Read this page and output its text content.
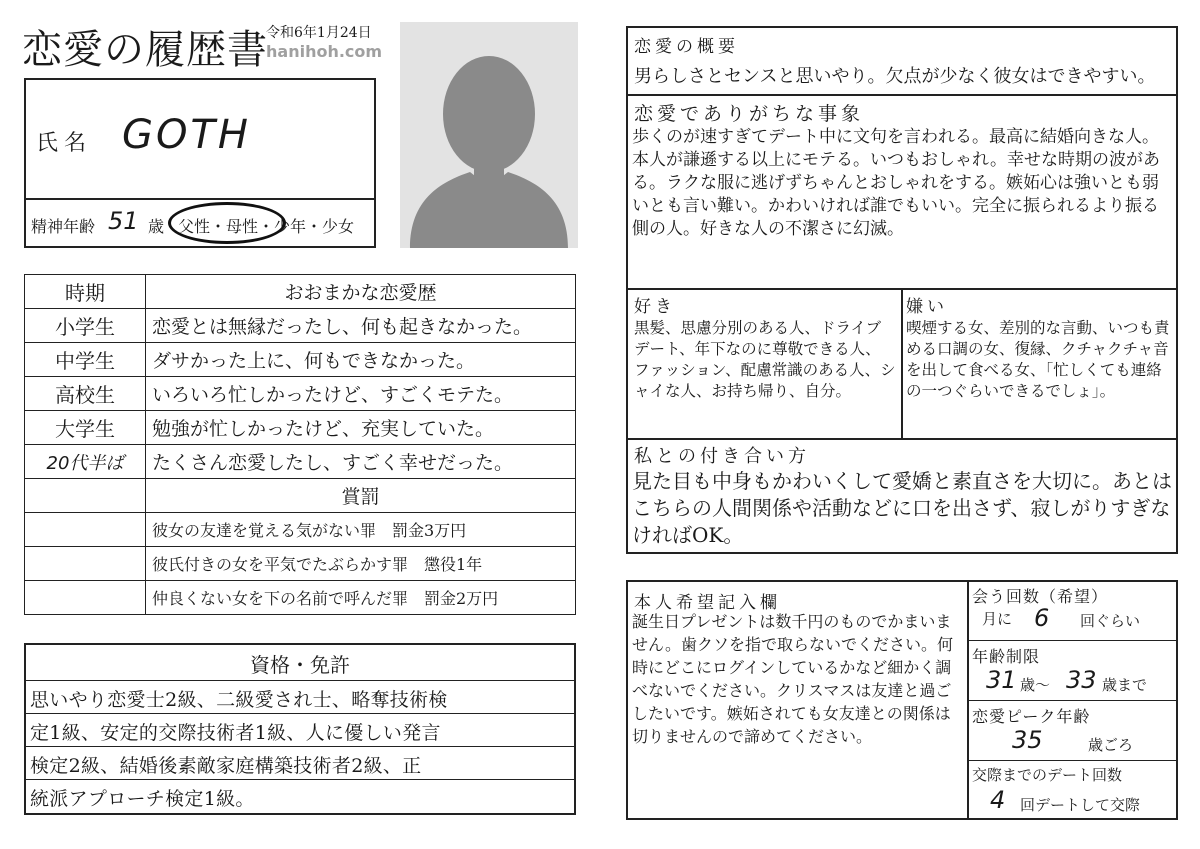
恋愛の履歴書
令和6年1月24日
hanihoh.com
氏名 GOTH
精神年齢 51 歳 父性・母性・少年・少女
時期	おおまかな恋愛歴
小学生	恋愛とは無縁だったし、何も起きなかった。
中学生	ダサかった上に、何もできなかった。
高校生	いろいろ忙しかったけど、すごくモテた。
大学生	勉強が忙しかったけど、充実していた。
20代半ば	たくさん恋愛したし、すごく幸せだった。
	賞罰
	彼女の友達を覚える気がない罪　罰金3万円
	彼氏付きの女を平気でたぶらかす罪　懲役1年
	仲良くない女を下の名前で呼んだ罪　罰金2万円
資格・免許
思いやり恋愛士2級、二級愛され士、略奪技術検
定1級、安定的交際技術者1級、人に優しい発言
検定2級、結婚後素敵家庭構築技術者2級、正
統派アプローチ検定1級。
恋愛の概要
男らしさとセンスと思いやり。欠点が少なく彼女はできやすい。
恋愛でありがちな事象
歩くのが速すぎてデート中に文句を言われる。最高に結婚向きな人。本人が謙遜する以上にモテる。いつもおしゃれ。幸せな時期の波がある。ラクな服に逃げずちゃんとおしゃれをする。嫉妬心は強いとも弱いとも言い難い。かわいければ誰でもいい。完全に振られるより振る側の人。好きな人の不潔さに幻滅。
好き
黒髪、思慮分別のある人、ドライブデート、年下なのに尊敬できる人、ファッション、配慮常識のある人、シャイな人、お持ち帰り、自分。
嫌い
喫煙する女、差別的な言動、いつも責める口調の女、復縁、クチャクチャ音を出して食べる女、「忙しくても連絡の一つぐらいできるでしょ」。
私との付き合い方
見た目も中身もかわいくして愛嬌と素直さを大切に。あとはこちらの人間関係や活動などに口を出さず、寂しがりすぎなければOK。
本人希望記入欄
誕生日プレゼントは数千円のものでかまいません。歯クソを指で取らないでください。何時にどこにログインしているかなど細かく調べないでください。クリスマスは友達と過ごしたいです。嫉妬されても女友達との関係は切りませんので諦めてください。
会う回数（希望）
月に 6 回ぐらい
年齢制限
31 歳～ 33 歳まで
恋愛ピーク年齢
35	歳ごろ
交際までのデート回数
4 回デートして交際
